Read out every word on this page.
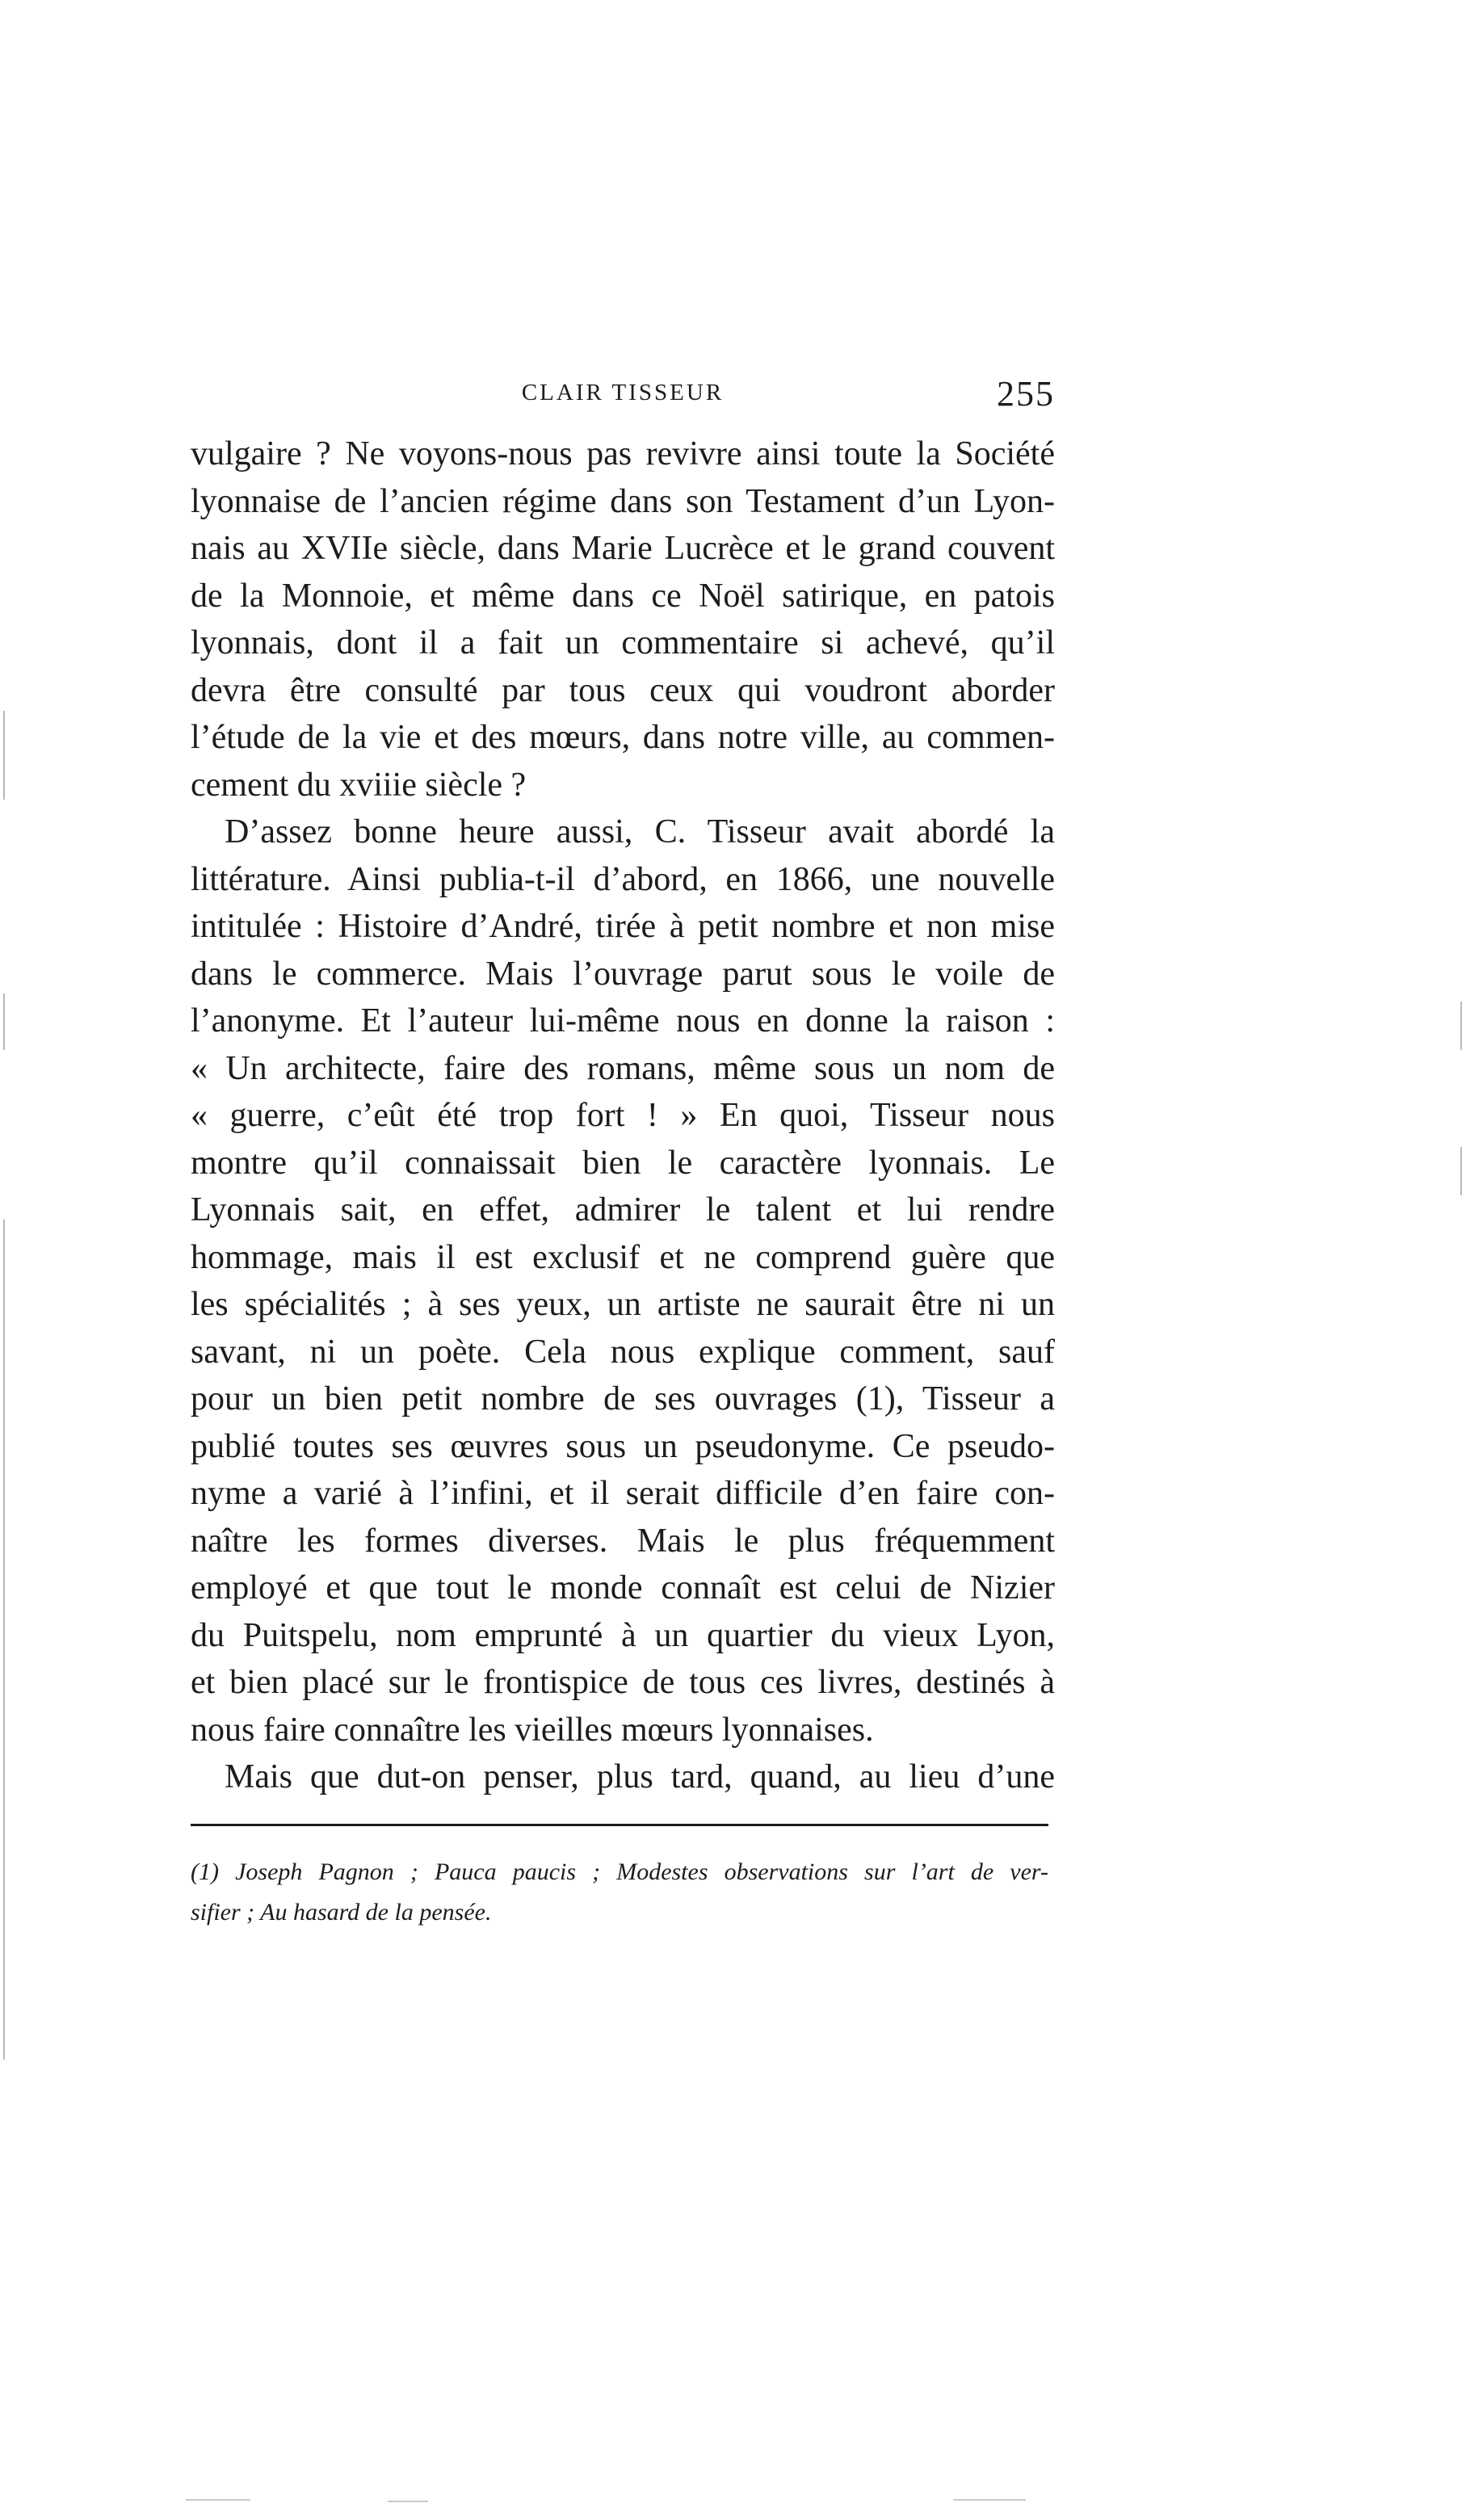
CLAIR TISSEUR	255
vulgaire ? Ne voyons-nous pas revivre ainsi toute la Société
lyonnaise de l’ancien régime dans son Testament d’un Lyon-
nais au XVIIe siècle, dans Marie Lucrèce et le grand couvent
de la Monnoie, et même dans ce Noël satirique, en patois
lyonnais, dont il a fait un commentaire si achevé, qu’il
devra être consulté par tous ceux qui voudront aborder
l’étude de la vie et des mœurs, dans notre ville, au commen-
cement du xviiie siècle ?
D’assez bonne heure aussi, C. Tisseur avait abordé la
littérature. Ainsi publia-t-il d’abord, en 1866, une nouvelle
intitulée : Histoire d’André, tirée à petit nombre et non mise
dans le commerce. Mais l’ouvrage parut sous le voile de
l’anonyme. Et l’auteur lui-même nous en donne la raison :
« Un architecte, faire des romans, même sous un nom de
« guerre, c’eût été trop fort ! » En quoi, Tisseur nous
montre qu’il connaissait bien le caractère lyonnais. Le
Lyonnais sait, en effet, admirer le talent et lui rendre
hommage, mais il est exclusif et ne comprend guère que
les spécialités ; à ses yeux, un artiste ne saurait être ni un
savant, ni un poète. Cela nous explique comment, sauf
pour un bien petit nombre de ses ouvrages (1), Tisseur a
publié toutes ses œuvres sous un pseudonyme. Ce pseudo-
nyme a varié à l’infini, et il serait difficile d’en faire con-
naître les formes diverses. Mais le plus fréquemment
employé et que tout le monde connaît est celui de Nizier
du Puitspelu, nom emprunté à un quartier du vieux Lyon,
et bien placé sur le frontispice de tous ces livres, destinés à
nous faire connaître les vieilles mœurs lyonnaises.
Mais que dut-on penser, plus tard, quand, au lieu d’une
(1) Joseph Pagnon ; Pauca paucis ; Modestes observations sur l’art de ver-
sifier ; Au hasard de la pensée.
